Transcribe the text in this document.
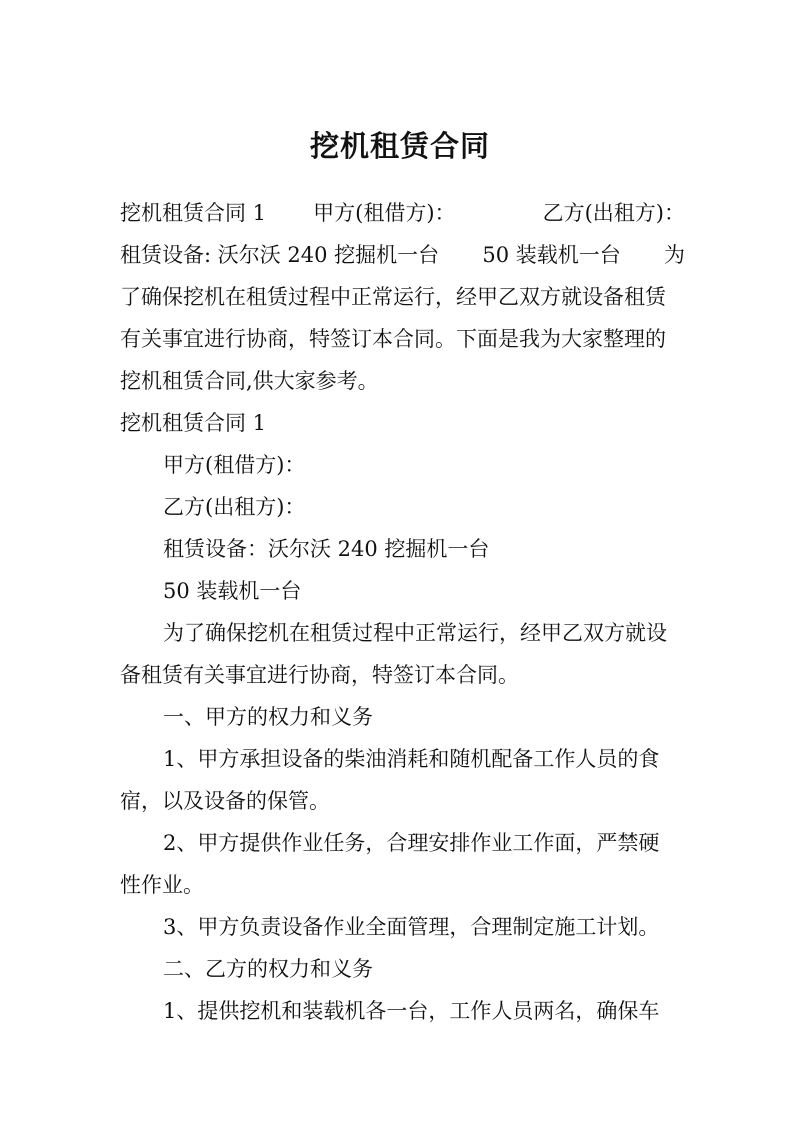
挖机租赁合同
挖机租赁合同 1 甲方(租借方)：	乙方(出租方)：
租赁设备: 沃尔沃 240 挖掘机一台 50 装载机一台 为
了确保挖机在租赁过程中正常运行，经甲乙双方就设备租赁
有关事宜进行协商，特签订本合同。下面是我为大家整理的
挖机租赁合同,供大家参考。
挖机租赁合同 1
甲方(租借方)：
乙方(出租方)：
租赁设备：沃尔沃 240 挖掘机一台
50 装载机一台
为了确保挖机在租赁过程中正常运行，经甲乙双方就设
备租赁有关事宜进行协商，特签订本合同。
一、甲方的权力和义务
1、甲方承担设备的柴油消耗和随机配备工作人员的食
宿，以及设备的保管。
2、甲方提供作业任务，合理安排作业工作面，严禁硬
性作业。
3、甲方负责设备作业全面管理，合理制定施工计划。
二、乙方的权力和义务
1、提供挖机和装载机各一台，工作人员两名，确保车
